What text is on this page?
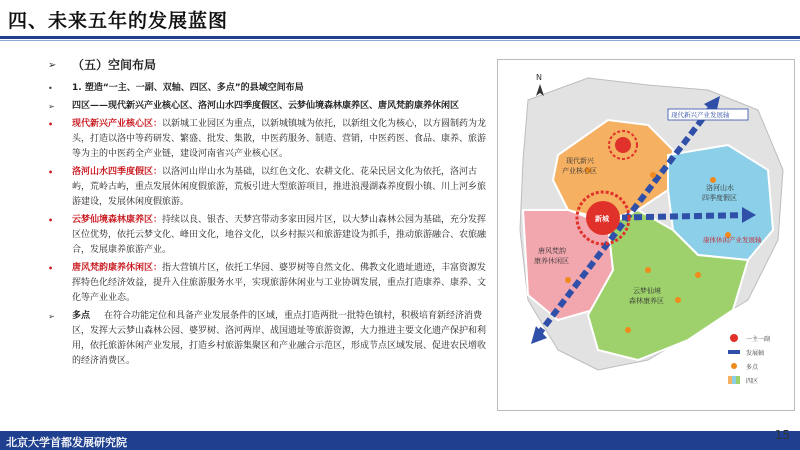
四、未来五年的发展蓝图
➢	（五）空间布局
•	1. 塑造“一主、一副、双轴、四区、多点”的县域空间布局
➢	四区——现代新兴产业核心区、洛河山水四季度假区、云梦仙境森林康养区、唐风梵韵康养休闲区
•	现代新兴产业核心区：以新城工业园区为重点，以新城镇城为依托，以新组文化为核心，以方圆制药为龙头，打造以洛中等药研发、繁盛、批发、集散，中医药服务、制造、营销，中医药医、食品、康养、旅游等为主的中医药全产业链，建设河南省兴产业核心区。
•	洛河山水四季度假区：以洛河山岸山水为基础，以红色文化、农耕文化、花朵民居文化为依托，洛河古屿，荒岭古屿，重点发展休闲度假旅游，荒板引进大型旅游项目，推进浪漫湖森养度假小镇、川上河乡旅游建设，发展休闲度假旅游。
•	云梦仙境森林康养区：持续以良、银杏、天梦宫带动多家田园片区，以大梦山森林公园为基础，充分发挥区位优势，依托云梦文化、峰田文化，地谷文化，以乡村振兴和旅游建设为抓手，推动旅游融合、农旅融合，发展康养旅游产业。
•	唐风梵韵康养休闲区：指大营镇片区，依托工华园、婆罗树等自然文化、佛教文化遗址遗迹，丰富资源发挥特色化经济效益，提升入住旅游服务水平，实现旅游休闲业与工业协调发展，重点打造康养、康养、文化等产业业态。
➢	多点 在符合功能定位和具备产业发展条件的区域，重点打造两批一批特色镇村，积极培育新经济消费区，发挥大云梦山森林公园、婆罗树、洛河两岸、战国遗址等旅游资源，大力推进主要文化遗产保护和利用，依托旅游休闲产业发展，打造乡村旅游集聚区和产业融合示范区，形成节点区域发展、促进农民增收的经济消费区。
现代新兴
产业核心区
洛河山水
四季度假区
云梦仙境
森林康养区
唐风梵韵
康养休闲区
新城
现代新兴产业发展轴
康体休闲产业发展轴
N
一主一副
发展轴
多点
四区
北京大学首都发展研究院
15
